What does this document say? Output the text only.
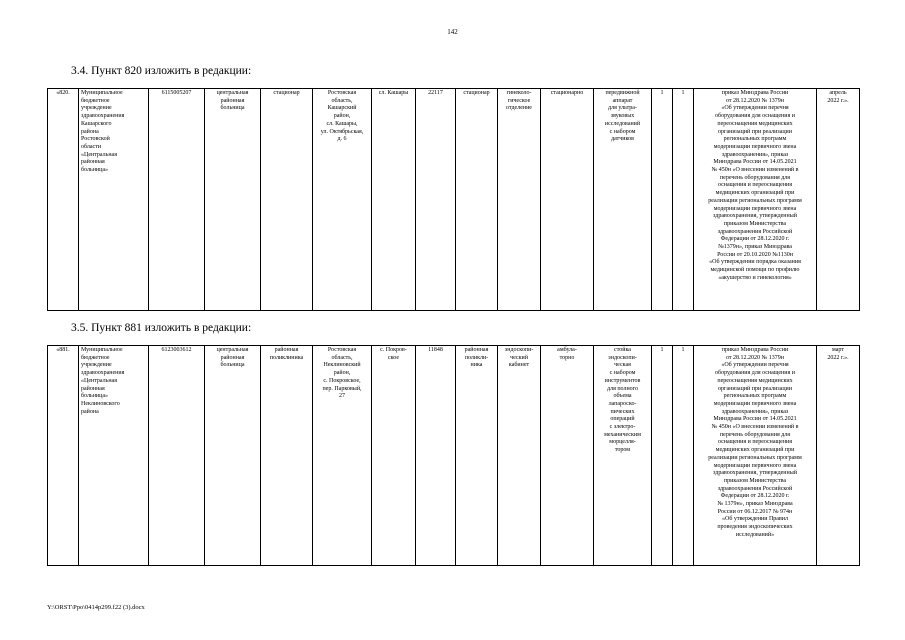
142
3.4. Пункт 820 изложить в редакции:
«820.	Муниципальное
бюджетное
учреждение
здравоохранения
Кашарского
района
Ростовской
области
«Центральная
районная
больница»	6115005207	центральная
районная
больница	стационар	Ростовская
область,
Кашарский
район,
сл. Кашары,
ул. Октябрьская,
д. 6	сл. Кашары	22117	стационар	гинеколо-
гическое
отделение	стационарно	передвижной
аппарат
для ультра-
звуковых
исследований
с набором
датчиков	1	1	приказ Минздрава России
от 28.12.2020 № 1379н
«Об утверждении перечня
оборудования для оснащения и
переоснащения медицинских
организаций при реализации
региональных программ
модернизации первичного звена
здравоохранения», приказ
Минздрава России от 14.05.2021
№ 450н «О внесении изменений в
перечень оборудования для
оснащения и переоснащения
медицинских организаций при
реализации региональных программ
модернизации первичного звена
здравоохранения, утвержденный
приказом Министерства
здравоохранения Российской
Федерации от 28.12.2020 г.
№1379н», приказ Минздрава
России от 20.10.2020 №1130н
«Об утверждении порядка оказания
медицинской помощи по профилю
«акушерство и гинекология»	апрель
2022 г.».
3.5. Пункт 881 изложить в редакции:
«881.	Муниципальное
бюджетное
учреждение
здравоохранения
«Центральная
районная
больница»
Неклиновского
района	6123003612	центральная
районная
больница	районная
поликлиника	Ростовская
область,
Неклиновский
район,
с. Покровское,
пер. Парковый,
27	с. Покров-
ское	11848	районная
поликли-
ника	эндоскопи-
ческий
кабинет	амбула-
торно	стойка
эндоскопи-
ческая
с набором
инструментов
для полного
объема
лапароско-
пических
операций
с электро-
механическим
морцелля-
тором	1	1	приказ Минздрава России
от 28.12.2020 № 1379н
«Об утверждении перечня
оборудования для оснащения и
переоснащения медицинских
организаций при реализации
региональных программ
модернизации первичного звена
здравоохранения», приказ
Минздрава России от 14.05.2021
№ 450н «О внесении изменений в
перечень оборудования для
оснащения и переоснащения
медицинских организаций при
реализации региональных программ
модернизации первичного звена
здравоохранения, утвержденный
приказом Министерства
здравоохранения Российской
Федерации от 28.12.2020 г.
№ 1379н», приказ Минздрава
России от 06.12.2017 № 974н
«Об утверждении Правил
проведения эндоскопических
исследований»	март
2022 г.».
Y:\ORST\Ppo\0414p299.f22 (3).docx
